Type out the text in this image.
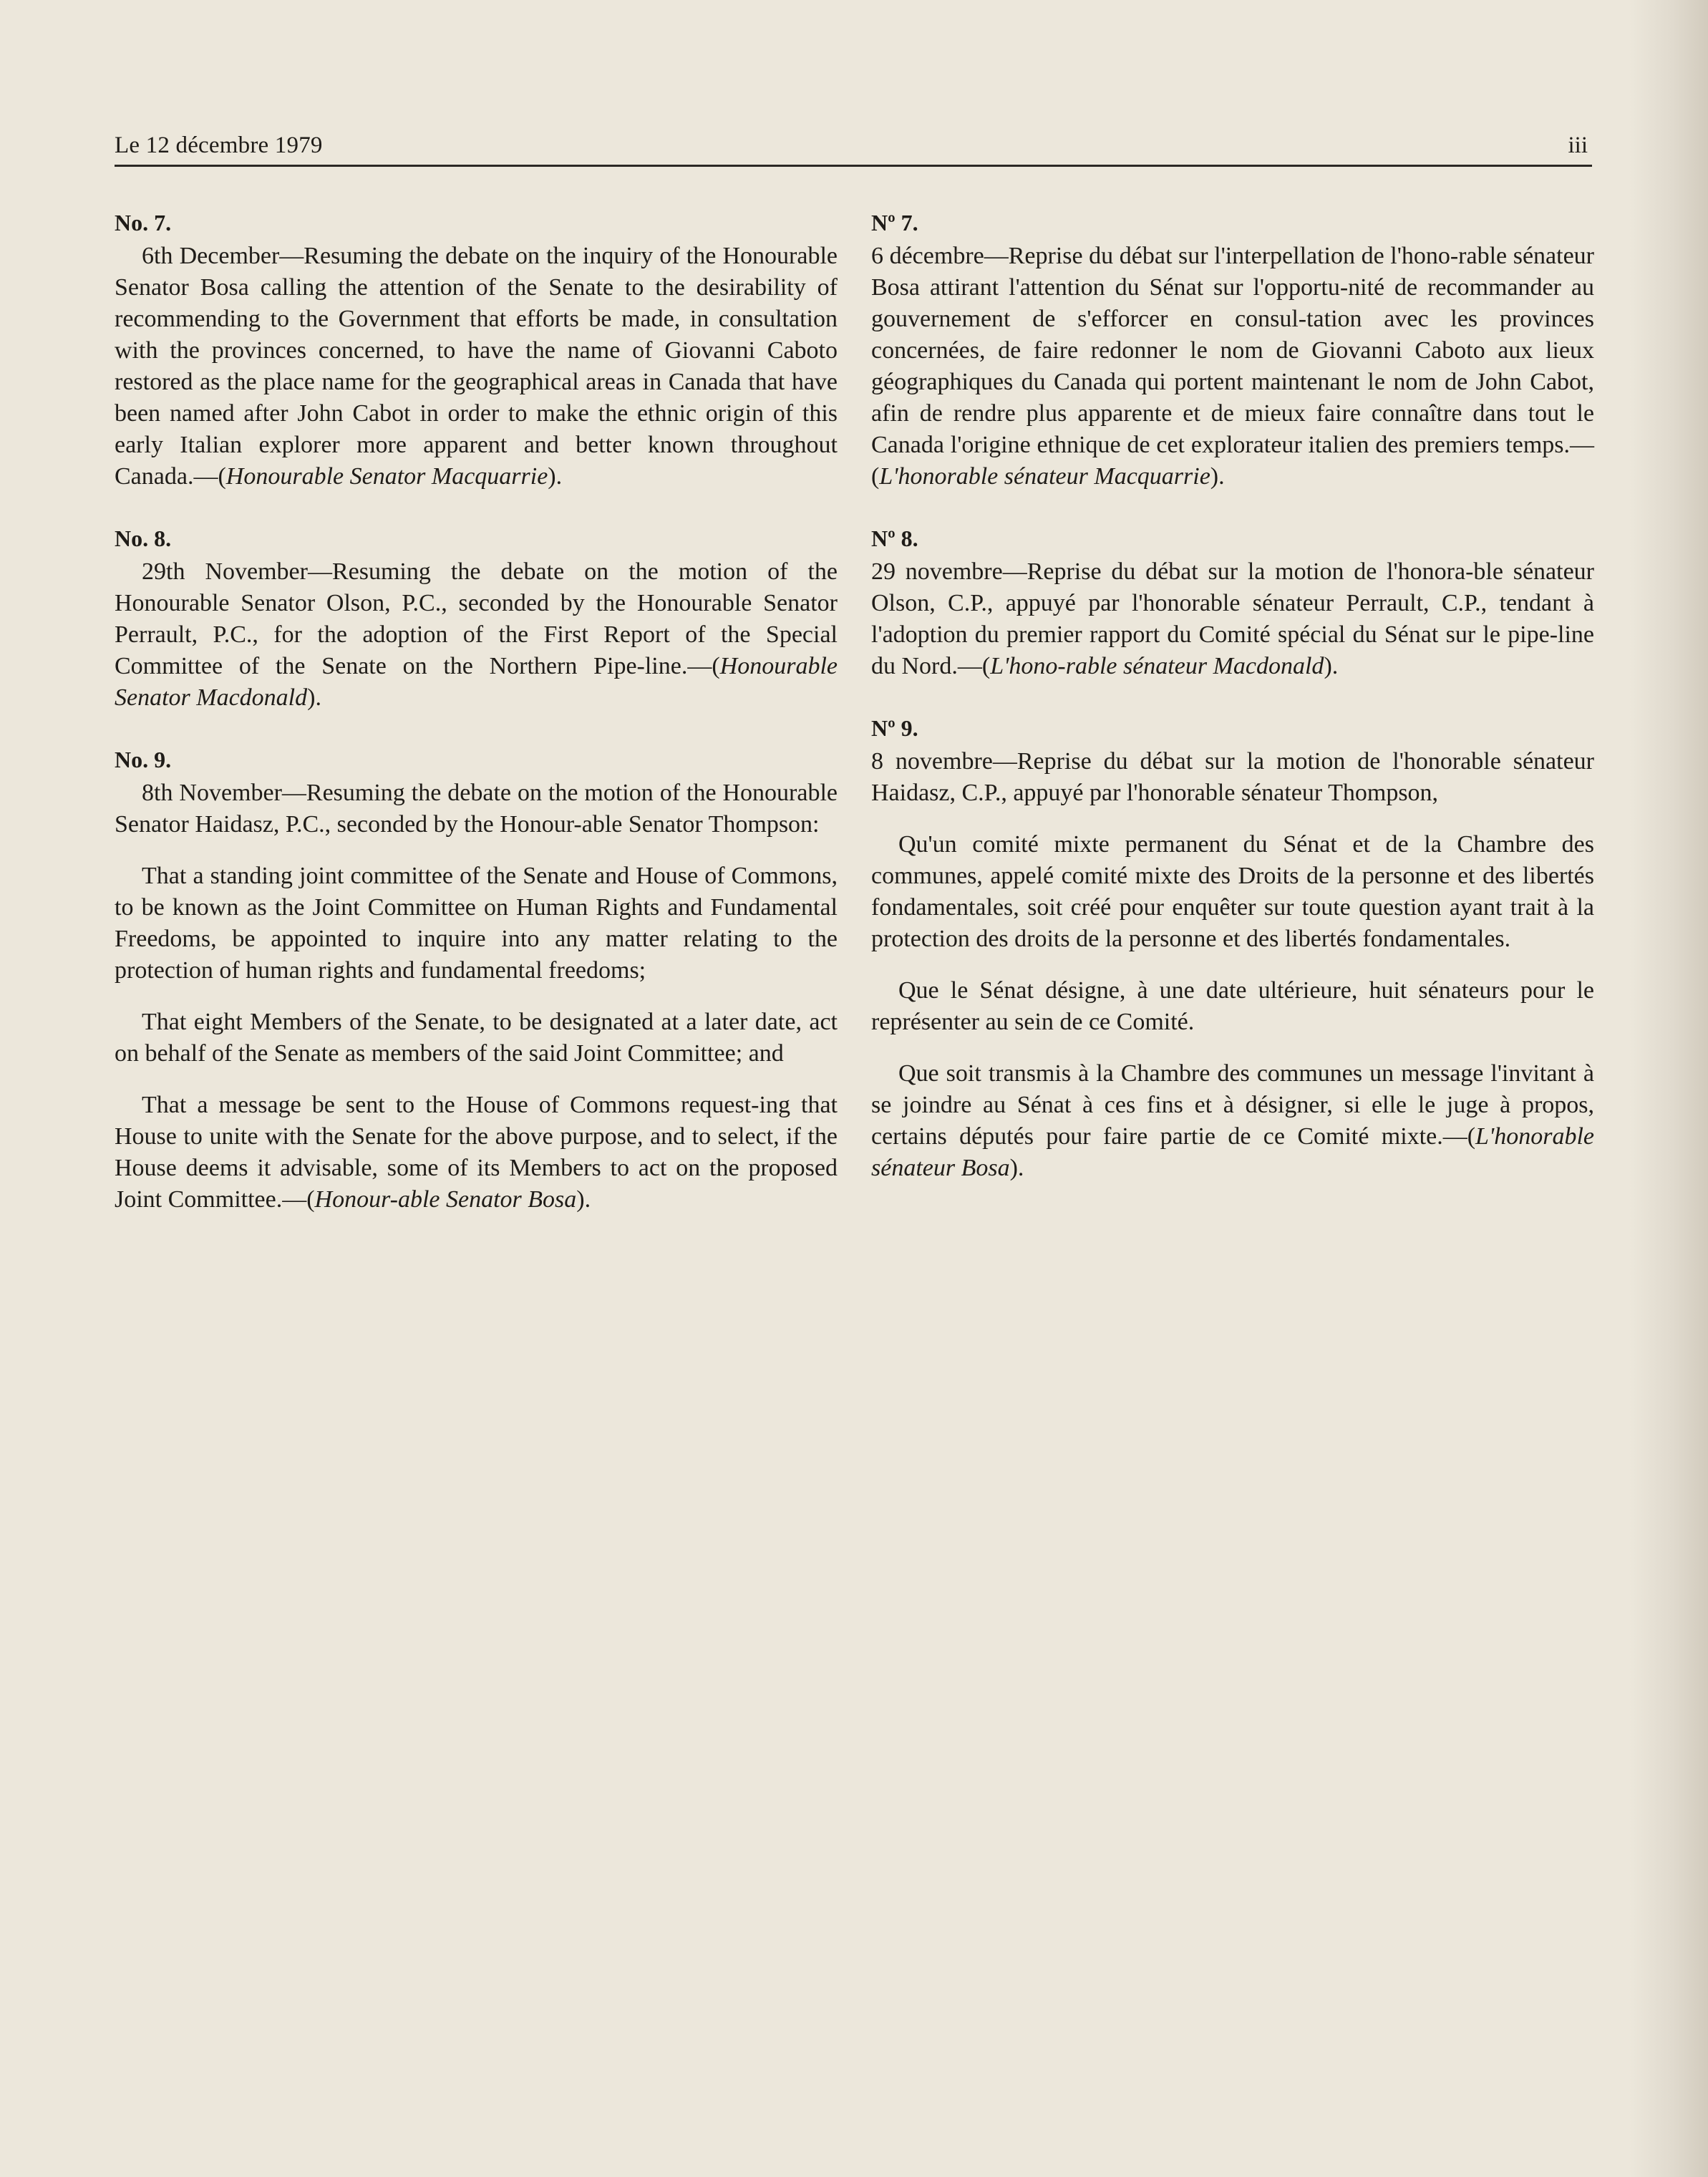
Le 12 décembre 1979	iii
No. 7.

6th December—Resuming the debate on the inquiry of the Honourable Senator Bosa calling the attention of the Senate to the desirability of recommending to the Government that efforts be made, in consultation with the provinces concerned, to have the name of Giovanni Caboto restored as the place name for the geographical areas in Canada that have been named after John Cabot in order to make the ethnic origin of this early Italian explorer more apparent and better known throughout Canada.—(Honourable Senator Macquarrie).

No. 8.

29th November—Resuming the debate on the motion of the Honourable Senator Olson, P.C., seconded by the Honourable Senator Perrault, P.C., for the adoption of the First Report of the Special Committee of the Senate on the Northern Pipe-line.—(Honourable Senator Macdonald).

No. 9.

8th November—Resuming the debate on the motion of the Honourable Senator Haidasz, P.C., seconded by the Honour-able Senator Thompson:

That a standing joint committee of the Senate and House of Commons, to be known as the Joint Committee on Human Rights and Fundamental Freedoms, be appointed to inquire into any matter relating to the protection of human rights and fundamental freedoms;

That eight Members of the Senate, to be designated at a later date, act on behalf of the Senate as members of the said Joint Committee; and

That a message be sent to the House of Commons request-ing that House to unite with the Senate for the above purpose, and to select, if the House deems it advisable, some of its Members to act on the proposed Joint Committee.—(Honour-able Senator Bosa).

Nº 7.

6 décembre—Reprise du débat sur l'interpellation de l'hono-rable sénateur Bosa attirant l'attention du Sénat sur l'opportu-nité de recommander au gouvernement de s'efforcer en consul-tation avec les provinces concernées, de faire redonner le nom de Giovanni Caboto aux lieux géographiques du Canada qui portent maintenant le nom de John Cabot, afin de rendre plus apparente et de mieux faire connaître dans tout le Canada l'origine ethnique de cet explorateur italien des premiers temps.—(L'honorable sénateur Macquarrie).

Nº 8.

29 novembre—Reprise du débat sur la motion de l'honora-ble sénateur Olson, C.P., appuyé par l'honorable sénateur Perrault, C.P., tendant à l'adoption du premier rapport du Comité spécial du Sénat sur le pipe-line du Nord.—(L'hono-rable sénateur Macdonald).

Nº 9.

8 novembre—Reprise du débat sur la motion de l'honorable sénateur Haidasz, C.P., appuyé par l'honorable sénateur Thompson,

Qu'un comité mixte permanent du Sénat et de la Chambre des communes, appelé comité mixte des Droits de la personne et des libertés fondamentales, soit créé pour enquêter sur toute question ayant trait à la protection des droits de la personne et des libertés fondamentales.

Que le Sénat désigne, à une date ultérieure, huit sénateurs pour le représenter au sein de ce Comité.

Que soit transmis à la Chambre des communes un message l'invitant à se joindre au Sénat à ces fins et à désigner, si elle le juge à propos, certains députés pour faire partie de ce Comité mixte.—(L'honorable sénateur Bosa).
